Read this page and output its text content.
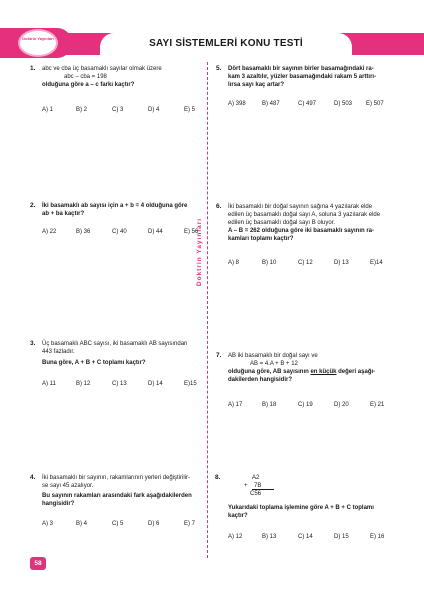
Doktrin Yayınları	SAYI SİSTEMLERİ KONU TESTİ
Doktrin Yayınları
1. abc ve cba üç basamaklı sayılar olmak üzere
abc – cba = 198
olduğuna göre a – c farkı kaçtır?
A) 1	B) 2	C) 3	D) 4	E) 5
2. İki basamaklı ab sayısı için a + b = 4 olduğuna göre
ab + ba kaçtır?
A) 22	B) 36	C) 40	D) 44	E) 56
3. Üç basamaklı ABC sayısı, iki basamaklı AB sayısından
443 fazladır.
Buna göre, A + B + C toplamı kaçtır?
A) 11	B) 12	C) 13	D) 14	E)15
4. İki basamaklı bir sayının, rakamlarının yerleri değiştirilir-
se sayı 45 azalıyor.
Bu sayının rakamları arasındaki fark aşağıdakilerden
hangisidir?
A) 3	B) 4	C) 5	D) 6	E) 7
5. Dört basamaklı bir sayının birler basamağındaki ra-
kam 3 azaltılır, yüzler basamağındaki rakam 5 arttırı-
lırsa sayı kaç artar?
A) 398	B) 487	C) 497	D) 503 E) 507
6. İki basamaklı bir doğal sayının sağına 4 yazılarak elde
edilen üç basamaklı doğal sayı A, soluna 3 yazılarak elde
edilen üç basamaklı doğal sayı B oluyor.
A – B = 262 olduğuna göre iki basamaklı sayının ra-
kamları toplamı kaçtır?
A) 8	B) 10	C) 12	D) 13	E)14
7. AB iki basamaklı bir doğal sayı ve
AB = 4.A + B + 12
olduğuna göre, AB sayısının en küçük değeri aşağı-
dakilerden hangisidir?
A) 17	B) 18	C) 19	D) 20	E) 21
8.	A2
+ 7B
C56
Yukarıdaki toplama işlemine göre A + B + C toplamı
kaçtır?
A) 12	B) 13	C) 14	D) 15	E) 16
58
